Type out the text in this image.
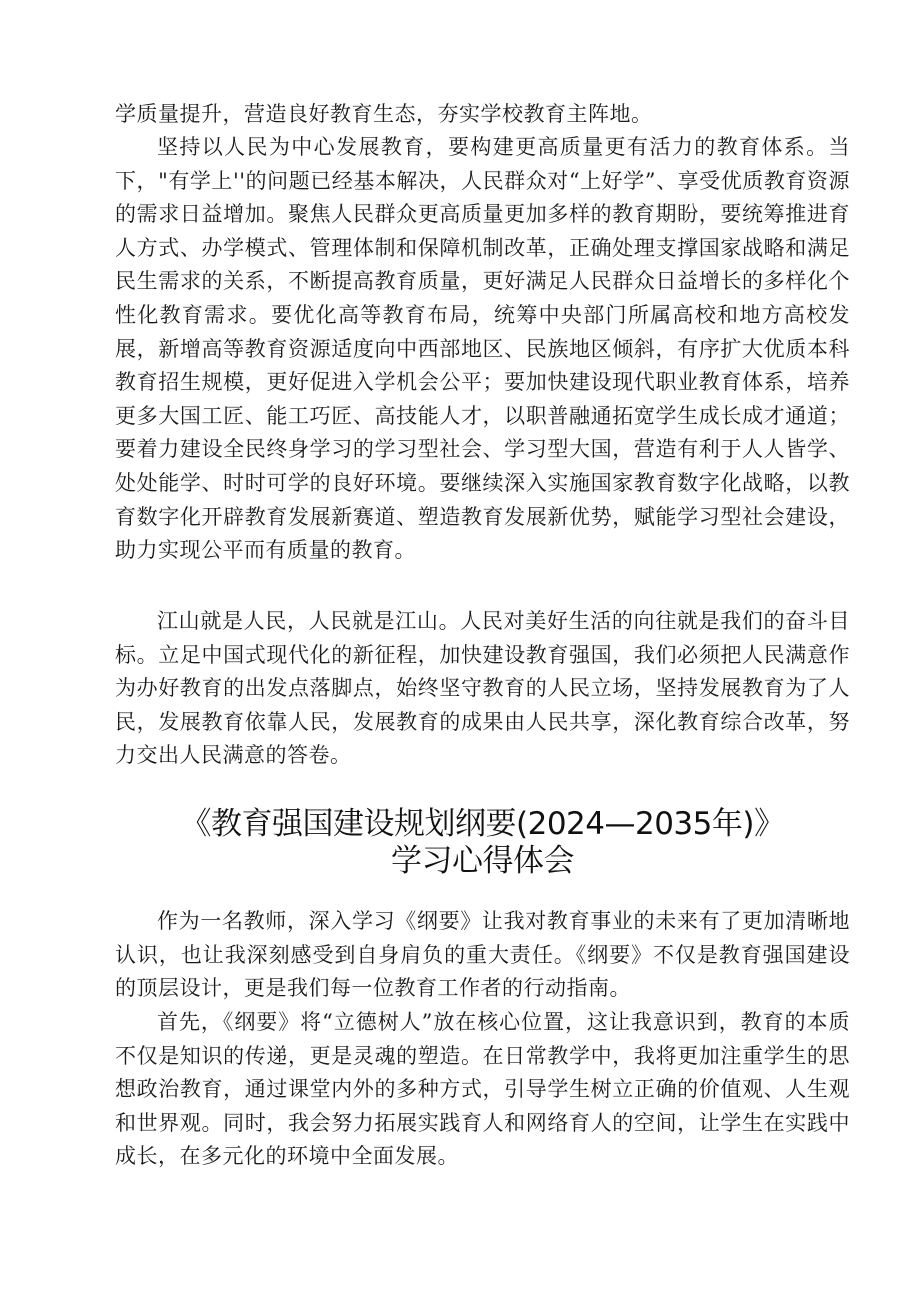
学质量提升，营造良好教育生态，夯实学校教育主阵地。

坚持以人民为中心发展教育，要构建更高质量更有活力的教育体系。当下，"有学上''的问题已经基本解决，人民群众对“上好学”、享受优质教育资源的需求日益增加。聚焦人民群众更高质量更加多样的教育期盼，要统筹推进育人方式、办学模式、管理体制和保障机制改革，正确处理支撑国家战略和满足民生需求的关系，不断提高教育质量，更好满足人民群众日益增长的多样化个性化教育需求。要优化高等教育布局，统筹中央部门所属高校和地方高校发展，新增高等教育资源适度向中西部地区、民族地区倾斜，有序扩大优质本科教育招生规模，更好促进入学机会公平；要加快建设现代职业教育体系，培养更多大国工匠、能工巧匠、高技能人才，以职普融通拓宽学生成长成才通道；要着力建设全民终身学习的学习型社会、学习型大国，营造有利于人人皆学、处处能学、时时可学的良好环境。要继续深入实施国家教育数字化战略，以教育数字化开辟教育发展新赛道、塑造教育发展新优势，赋能学习型社会建设，助力实现公平而有质量的教育。

江山就是人民，人民就是江山。人民对美好生活的向往就是我们的奋斗目标。立足中国式现代化的新征程，加快建设教育强国，我们必须把人民满意作为办好教育的出发点落脚点，始终坚守教育的人民立场，坚持发展教育为了人民，发展教育依靠人民，发展教育的成果由人民共享，深化教育综合改革，努力交出人民满意的答卷。

《教育强国建设规划纲要(2024—2035年)》
学习心得体会

作为一名教师，深入学习《纲要》让我对教育事业的未来有了更加清晰地认识，也让我深刻感受到自身肩负的重大责任。《纲要》不仅是教育强国建设的顶层设计，更是我们每一位教育工作者的行动指南。

首先，《纲要》将“立德树人”放在核心位置，这让我意识到，教育的本质不仅是知识的传递，更是灵魂的塑造。在日常教学中，我将更加注重学生的思想政治教育，通过课堂内外的多种方式，引导学生树立正确的价值观、人生观和世界观。同时，我会努力拓展实践育人和网络育人的空间，让学生在实践中成长，在多元化的环境中全面发展。
